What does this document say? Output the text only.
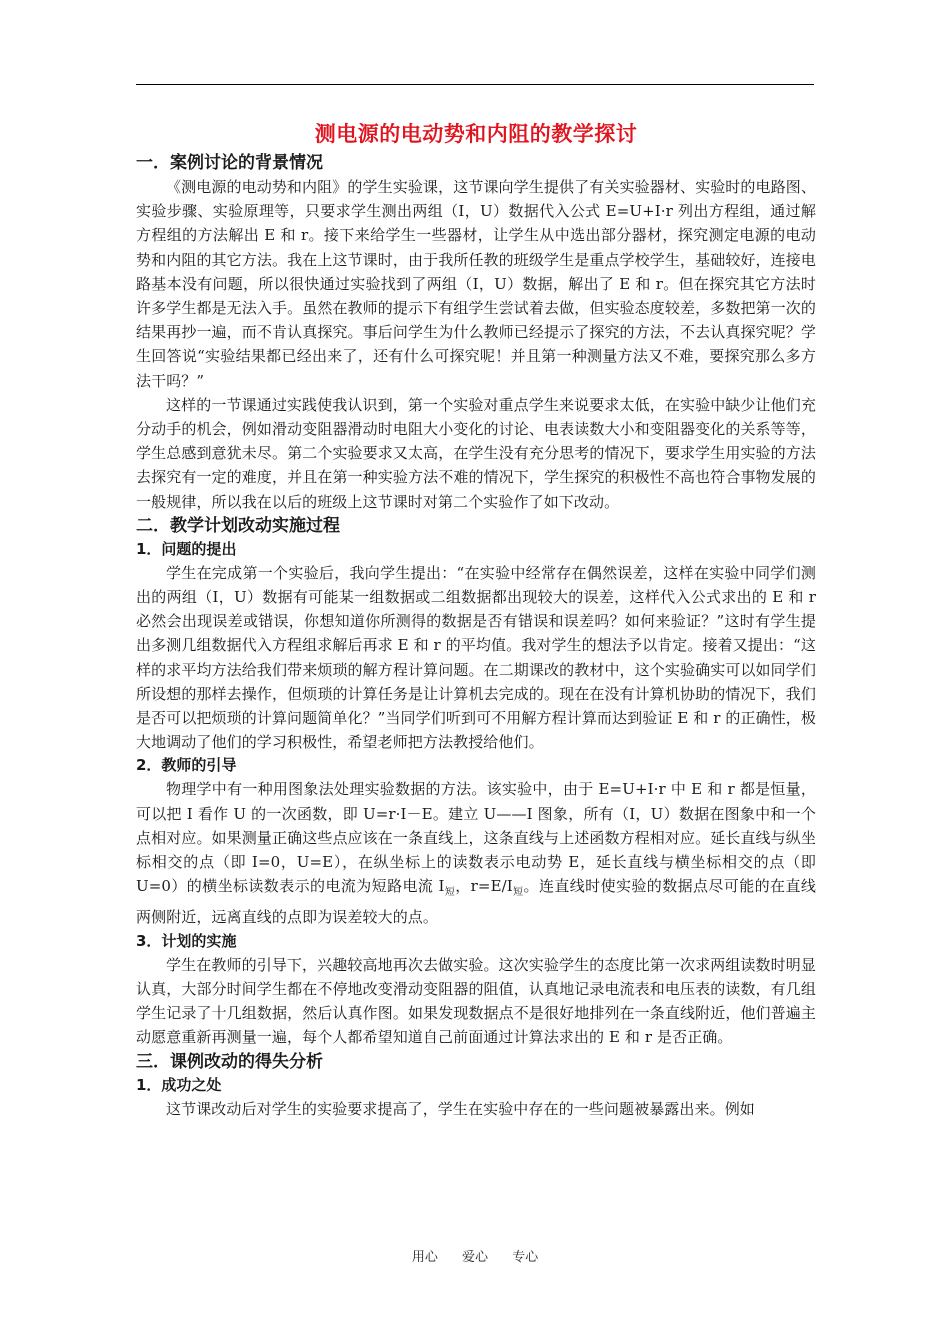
测电源的电动势和内阻的教学探讨
一．案例讨论的背景情况

《测电源的电动势和内阻》的学生实验课，这节课向学生提供了有关实验器材、实验时的电路图、实验步骤、实验原理等，只要求学生测出两组（I，U）数据代入公式 E=U+I·r 列出方程组，通过解方程组的方法解出 E 和 r。接下来给学生一些器材，让学生从中选出部分器材，探究测定电源的电动势和内阻的其它方法。我在上这节课时，由于我所任教的班级学生是重点学校学生，基础较好，连接电路基本没有问题，所以很快通过实验找到了两组（I，U）数据，解出了 E 和 r。但在探究其它方法时许多学生都是无法入手。虽然在教师的提示下有组学生尝试着去做，但实验态度较差，多数把第一次的结果再抄一遍，而不肯认真探究。事后问学生为什么教师已经提示了探究的方法，不去认真探究呢？学生回答说“实验结果都已经出来了，还有什么可探究呢！并且第一种测量方法又不难，要探究那么多方法干吗？”

这样的一节课通过实践使我认识到，第一个实验对重点学生来说要求太低，在实验中缺少让他们充分动手的机会，例如滑动变阻器滑动时电阻大小变化的讨论、电表读数大小和变阻器变化的关系等等，学生总感到意犹未尽。第二个实验要求又太高，在学生没有充分思考的情况下，要求学生用实验的方法去探究有一定的难度，并且在第一种实验方法不难的情况下，学生探究的积极性不高也符合事物发展的一般规律，所以我在以后的班级上这节课时对第二个实验作了如下改动。

二．教学计划改动实施过程
1．问题的提出

学生在完成第一个实验后，我向学生提出：“在实验中经常存在偶然误差，这样在实验中同学们测出的两组（I，U）数据有可能某一组数据或二组数据都出现较大的误差，这样代入公式求出的 E 和 r 必然会出现误差或错误，你想知道你所测得的数据是否有错误和误差吗？如何来验证？”这时有学生提出多测几组数据代入方程组求解后再求 E 和 r 的平均值。我对学生的想法予以肯定。接着又提出：“这样的求平均方法给我们带来烦琐的解方程计算问题。在二期课改的教材中，这个实验确实可以如同学们所设想的那样去操作，但烦琐的计算任务是让计算机去完成的。现在在没有计算机协助的情况下，我们是否可以把烦琐的计算问题简单化？”当同学们听到可不用解方程计算而达到验证 E 和 r 的正确性，极大地调动了他们的学习积极性，希望老师把方法教授给他们。

2．教师的引导

物理学中有一种用图象法处理实验数据的方法。该实验中，由于 E=U+I·r 中 E 和 r 都是恒量，可以把 I 看作 U 的一次函数，即 U=r·I－E。建立 U——I 图象，所有（I，U）数据在图象中和一个点相对应。如果测量正确这些点应该在一条直线上，这条直线与上述函数方程相对应。延长直线与纵坐标相交的点（即 I=0，U=E），在纵坐标上的读数表示电动势 E，延长直线与横坐标相交的点（即 U=0）的横坐标读数表示的电流为短路电流 $I_短$，$r=E/I_短$。连直线时使实验的数据点尽可能的在直线两侧附近，远离直线的点即为误差较大的点。

3．计划的实施

学生在教师的引导下，兴趣较高地再次去做实验。这次实验学生的态度比第一次求两组读数时明显认真，大部分时间学生都在不停地改变滑动变阻器的阻值，认真地记录电流表和电压表的读数，有几组学生记录了十几组数据，然后认真作图。如果发现数据点不是很好地排列在一条直线附近，他们普遍主动愿意重新再测量一遍，每个人都希望知道自己前面通过计算法求出的 E 和 r 是否正确。

三．课例改动的得失分析
1．成功之处

这节课改动后对学生的实验要求提高了，学生在实验中存在的一些问题被暴露出来。例如

用心 爱心 专心
